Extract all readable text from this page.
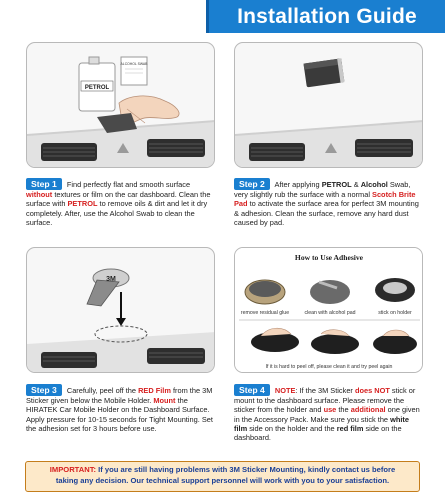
Installation Guide
PETROL
ALCOHOL SWAB
Step 1 Find perfectly flat and smooth surface without textures or film on the car dashboard. Clean the surface with PETROL to remove oils & dirt and let it dry completely. After, use the Alcohol Swab to clean the surface.
Step 2 After applying PETROL & Alcohol Swab, very slightly rub the surface with a normal Scotch Brite Pad to activate the surface area for perfect 3M mounting & adhesion. Clean the surface, remove any hard dust caused by pad.
3M
How to Use Adhesive
remove residual glue	clean with alcohol pad	stick on holder
If it is hard to peel off, please clean it and try peel again
Step 3 Carefully, peel off the RED Film from the 3M Sticker given below the Mobile Holder. Mount the HIRATEK Car Mobile Holder on the Dashboard Surface. Apply pressure for 10-15 seconds for Tight Mounting. Set the adhesion set for 3 hours before use.
Step 4 NOTE: If the 3M Sticker does NOT stick or mount to the dashboard surface. Please remove the sticker from the holder and use the additional one given in the Accessory Pack. Make sure you stick the white film side on the holder and the red film side on the dashboard.
IMPORTANT: If you are still having problems with 3M Sticker Mounting, kindly contact us before
taking any decision. Our technical support personnel will work with you to your satisfaction.
